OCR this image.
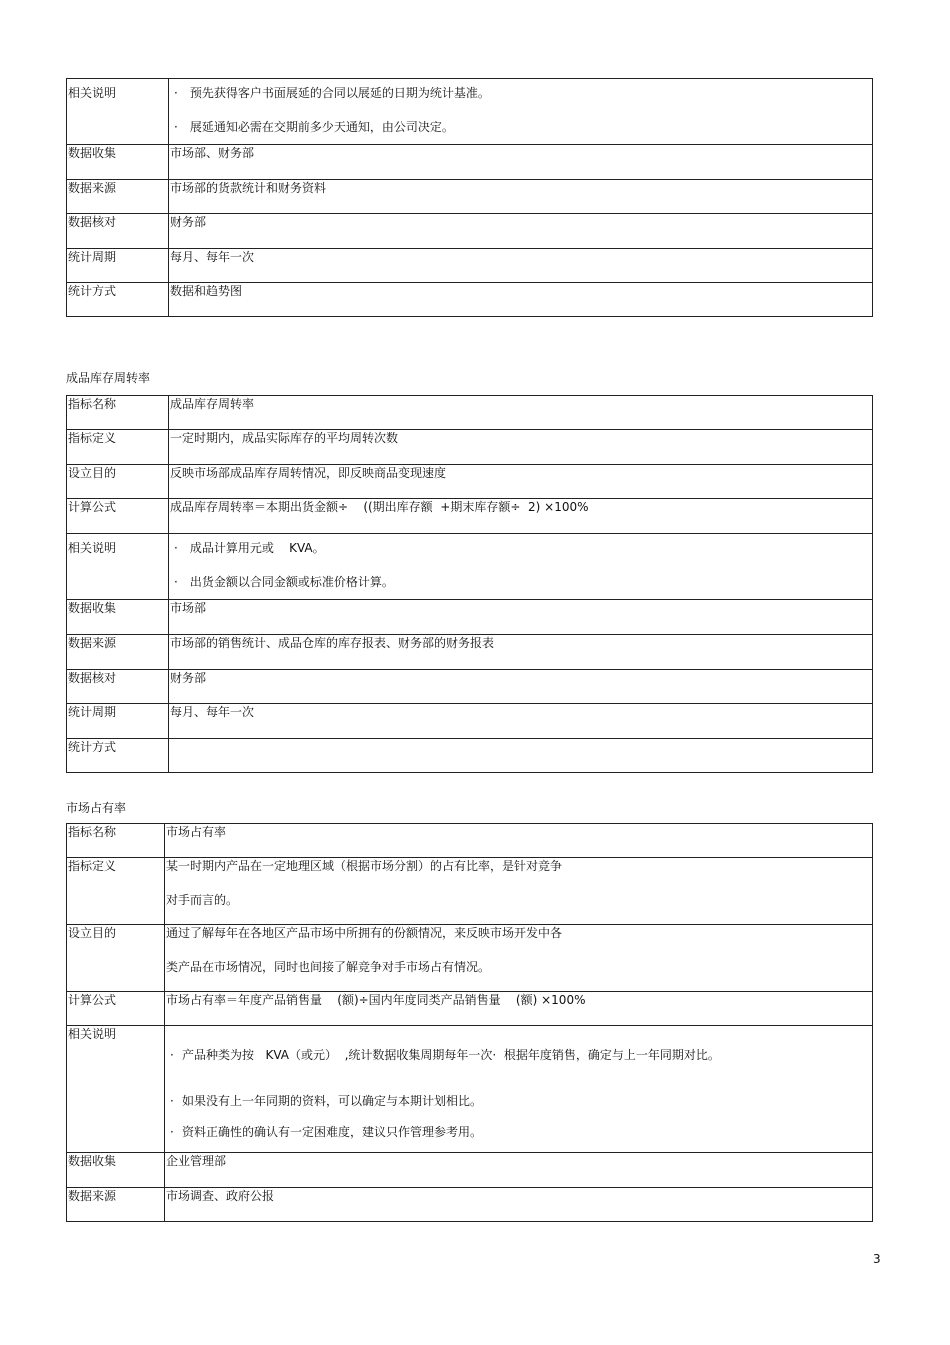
相关说明	· 预先获得客户书面展延的合同以展延的日期为统计基准。
· 展延通知必需在交期前多少天通知，由公司决定。

数据收集	市场部、财务部
数据来源	市场部的货款统计和财务资料
数据核对	财务部
统计周期	每月、每年一次
统计方式	数据和趋势图
成品库存周转率
指标名称	成品库存周转率
指标定义	一定时期内，成品实际库存的平均周转次数
设立目的	反映市场部成品库存周转情况，即反映商品变现速度
计算公式	成品库存周转率＝本期出货金额÷    ((期出库存额  +期末库存额÷  2) ×100%
相关说明	· 成品计算用元或    KVA。
· 出货金额以合同金额或标准价格计算。

数据收集	市场部
数据来源	市场部的销售统计、成品仓库的库存报表、财务部的财务报表
数据核对	财务部
统计周期	每月、每年一次
统计方式	
市场占有率
指标名称	市场占有率
指标定义	某一时期内产品在一定地理区域（根据市场分割）的占有比率，是针对竞争
对手而言的。

设立目的	通过了解每年在各地区产品市场中所拥有的份额情况，来反映市场开发中各
类产品在市场情况，同时也间接了解竞争对手市场占有情况。

计算公式	市场占有率＝年度产品销售量    (额)÷国内年度同类产品销售量    (额) ×100%
相关说明	· 产品种类为按   KVA（或元）  ,统计数据收集周期每年一次·  根据年度销售，确定与上一年同期对比。
· 如果没有上一年同期的资料，可以确定与本期计划相比。
· 资料正确性的确认有一定困难度，建议只作管理参考用。

数据收集	企业管理部
数据来源	市场调查、政府公报
3
